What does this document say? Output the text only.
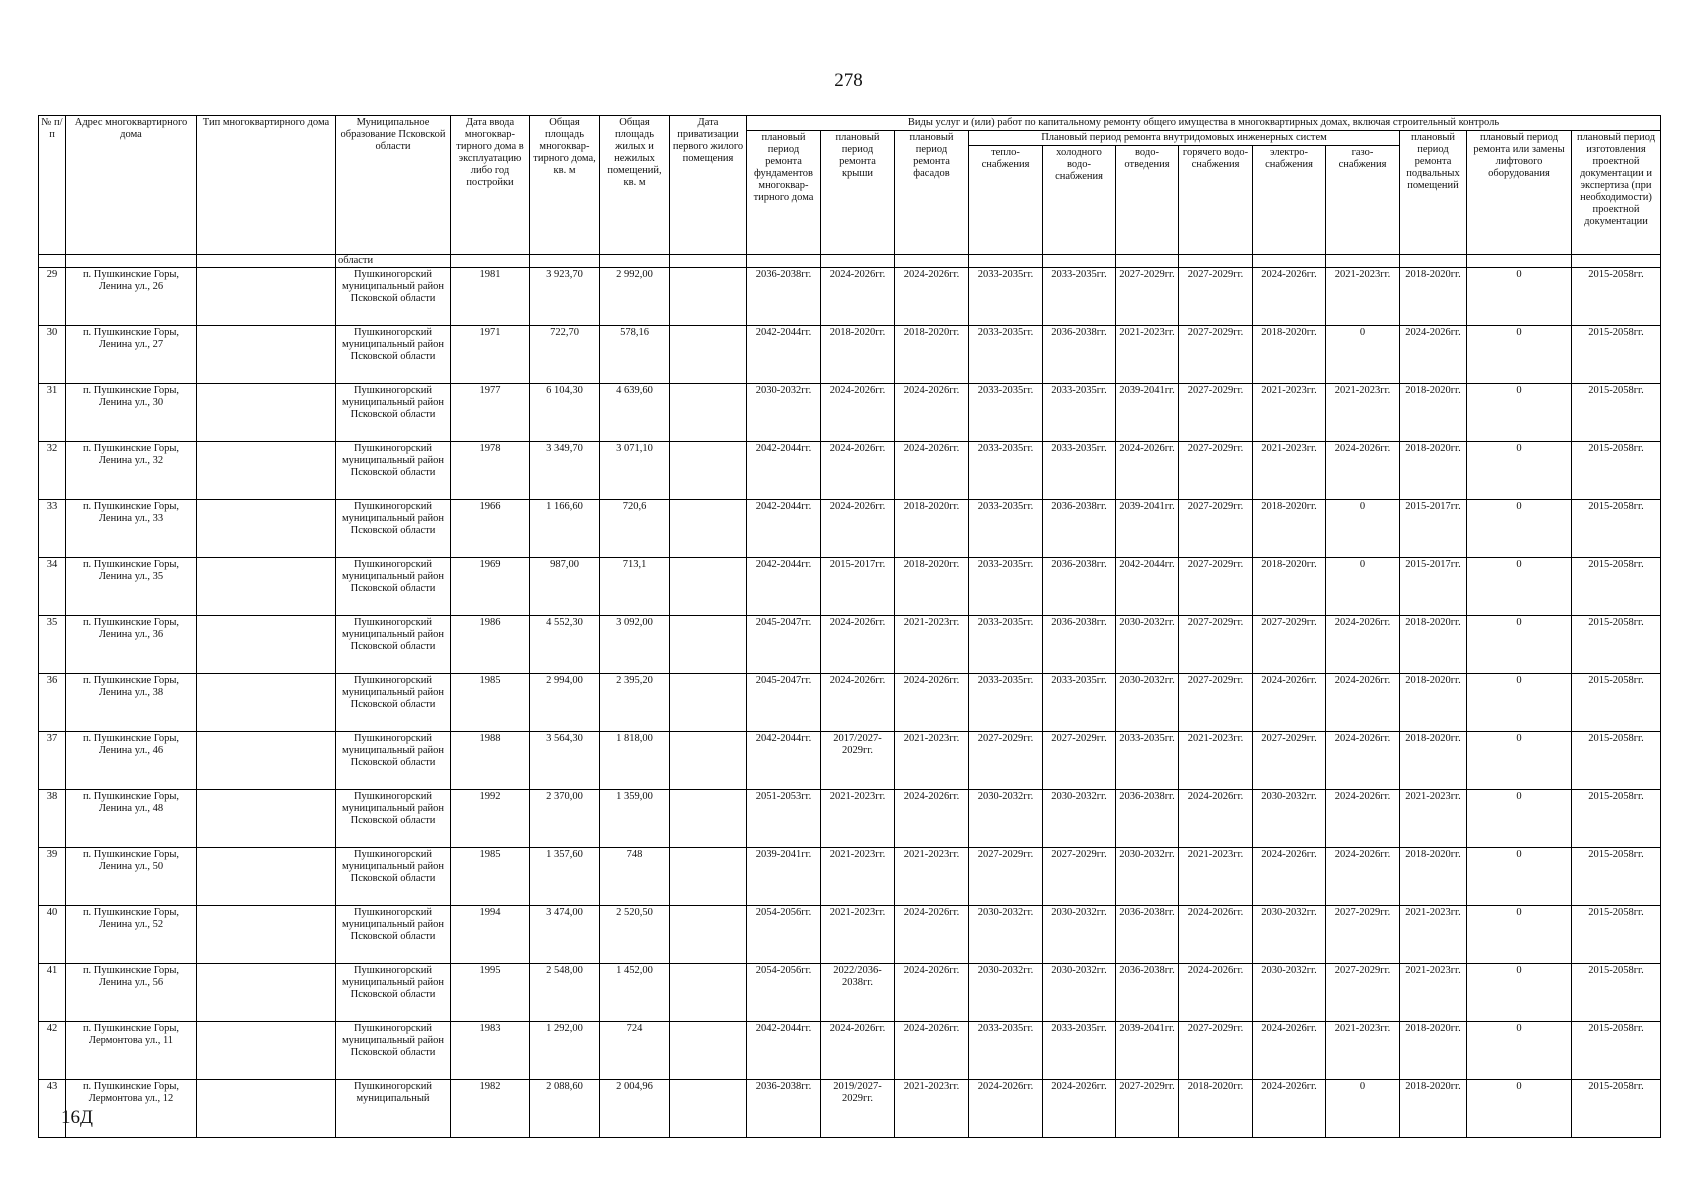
278
№ п/п	Адрес многоквартирного дома	Тип многоквартирного дома	Муниципальное образование Псковской области	Дата ввода многоквар- тирного дома в эксплуатацию либо год постройки	Общая площадь многоквар- тирного дома, кв. м	Общая площадь жилых и нежилых помещений, кв. м	Дата приватизации первого жилого помещения	Виды услуг и (или) работ по капитальному ремонту общего имущества в многоквартирных домах, включая строительный контроль											
								плановый период ремонта фундаментов многоквар- тирного дома	плановый период ремонта крыши	плановый период ремонта фасадов	Плановый период ремонта внутридомовых инженерных систем						плановый период ремонта подвальных помещений	плановый период ремонта или замены лифтового оборудования	плановый период изготовления проектной документации и экспертиза (при необходимости) проектной документации
											тепло- снабжения	холодного водо- снабжения	водо- отведения	горячего водо- снабжения	электро- снабжения	газо- снабжения			
			области																
29	п. Пушкинские Горы, Ленина ул., 26		Пушкиногорский муниципальный район Псковской области	1981	3 923,70	2 992,00		2036-2038гг.	2024-2026гг.	2024-2026гг.	2033-2035гг.	2033-2035гг.	2027-2029гг.	2027-2029гг.	2024-2026гг.	2021-2023гг.	2018-2020гг.	0	2015-2058гг.
30	п. Пушкинские Горы, Ленина ул., 27		Пушкиногорский муниципальный район Псковской области	1971	722,70	578,16		2042-2044гг.	2018-2020гг.	2018-2020гг.	2033-2035гг.	2036-2038гг.	2021-2023гг.	2027-2029гг.	2018-2020гг.	0	2024-2026гг.	0	2015-2058гг.
31	п. Пушкинские Горы, Ленина ул., 30		Пушкиногорский муниципальный район Псковской области	1977	6 104,30	4 639,60		2030-2032гг.	2024-2026гг.	2024-2026гг.	2033-2035гг.	2033-2035гг.	2039-2041гг.	2027-2029гг.	2021-2023гг.	2021-2023гг.	2018-2020гг.	0	2015-2058гг.
32	п. Пушкинские Горы, Ленина ул., 32		Пушкиногорский муниципальный район Псковской области	1978	3 349,70	3 071,10		2042-2044гг.	2024-2026гг.	2024-2026гг.	2033-2035гг.	2033-2035гг.	2024-2026гг.	2027-2029гг.	2021-2023гг.	2024-2026гг.	2018-2020гг.	0	2015-2058гг.
33	п. Пушкинские Горы, Ленина ул., 33		Пушкиногорский муниципальный район Псковской области	1966	1 166,60	720,6		2042-2044гг.	2024-2026гг.	2018-2020гг.	2033-2035гг.	2036-2038гг.	2039-2041гг.	2027-2029гг.	2018-2020гг.	0	2015-2017гг.	0	2015-2058гг.
34	п. Пушкинские Горы, Ленина ул., 35		Пушкиногорский муниципальный район Псковской области	1969	987,00	713,1		2042-2044гг.	2015-2017гг.	2018-2020гг.	2033-2035гг.	2036-2038гг.	2042-2044гг.	2027-2029гг.	2018-2020гг.	0	2015-2017гг.	0	2015-2058гг.
35	п. Пушкинские Горы, Ленина ул., 36		Пушкиногорский муниципальный район Псковской области	1986	4 552,30	3 092,00		2045-2047гг.	2024-2026гг.	2021-2023гг.	2033-2035гг.	2036-2038гг.	2030-2032гг.	2027-2029гг.	2027-2029гг.	2024-2026гг.	2018-2020гг.	0	2015-2058гг.
36	п. Пушкинские Горы, Ленина ул., 38		Пушкиногорский муниципальный район Псковской области	1985	2 994,00	2 395,20		2045-2047гг.	2024-2026гг.	2024-2026гг.	2033-2035гг.	2033-2035гг.	2030-2032гг.	2027-2029гг.	2024-2026гг.	2024-2026гг.	2018-2020гг.	0	2015-2058гг.
37	п. Пушкинские Горы, Ленина ул., 46		Пушкиногорский муниципальный район Псковской области	1988	3 564,30	1 818,00		2042-2044гг.	2017/2027-2029гг.	2021-2023гг.	2027-2029гг.	2027-2029гг.	2033-2035гг.	2021-2023гг.	2027-2029гг.	2024-2026гг.	2018-2020гг.	0	2015-2058гг.
38	п. Пушкинские Горы, Ленина ул., 48		Пушкиногорский муниципальный район Псковской области	1992	2 370,00	1 359,00		2051-2053гг.	2021-2023гг.	2024-2026гг.	2030-2032гг.	2030-2032гг.	2036-2038гг.	2024-2026гг.	2030-2032гг.	2024-2026гг.	2021-2023гг.	0	2015-2058гг.
39	п. Пушкинские Горы, Ленина ул., 50		Пушкиногорский муниципальный район Псковской области	1985	1 357,60	748		2039-2041гг.	2021-2023гг.	2021-2023гг.	2027-2029гг.	2027-2029гг.	2030-2032гг.	2021-2023гг.	2024-2026гг.	2024-2026гг.	2018-2020гг.	0	2015-2058гг.
40	п. Пушкинские Горы, Ленина ул., 52		Пушкиногорский муниципальный район Псковской области	1994	3 474,00	2 520,50		2054-2056гг.	2021-2023гг.	2024-2026гг.	2030-2032гг.	2030-2032гг.	2036-2038гг.	2024-2026гг.	2030-2032гг.	2027-2029гг.	2021-2023гг.	0	2015-2058гг.
41	п. Пушкинские Горы, Ленина ул., 56		Пушкиногорский муниципальный район Псковской области	1995	2 548,00	1 452,00		2054-2056гг.	2022/2036-2038гг.	2024-2026гг.	2030-2032гг.	2030-2032гг.	2036-2038гг.	2024-2026гг.	2030-2032гг.	2027-2029гг.	2021-2023гг.	0	2015-2058гг.
42	п. Пушкинские Горы, Лермонтова ул., 11		Пушкиногорский муниципальный район Псковской области	1983	1 292,00	724		2042-2044гг.	2024-2026гг.	2024-2026гг.	2033-2035гг.	2033-2035гг.	2039-2041гг.	2027-2029гг.	2024-2026гг.	2021-2023гг.	2018-2020гг.	0	2015-2058гг.
43	п. Пушкинские Горы, Лермонтова ул., 12		Пушкиногорский муниципальный	1982	2 088,60	2 004,96		2036-2038гг.	2019/2027-2029гг.	2021-2023гг.	2024-2026гг.	2024-2026гг.	2027-2029гг.	2018-2020гг.	2024-2026гг.	0	2018-2020гг.	0	2015-2058гг.
16Д
